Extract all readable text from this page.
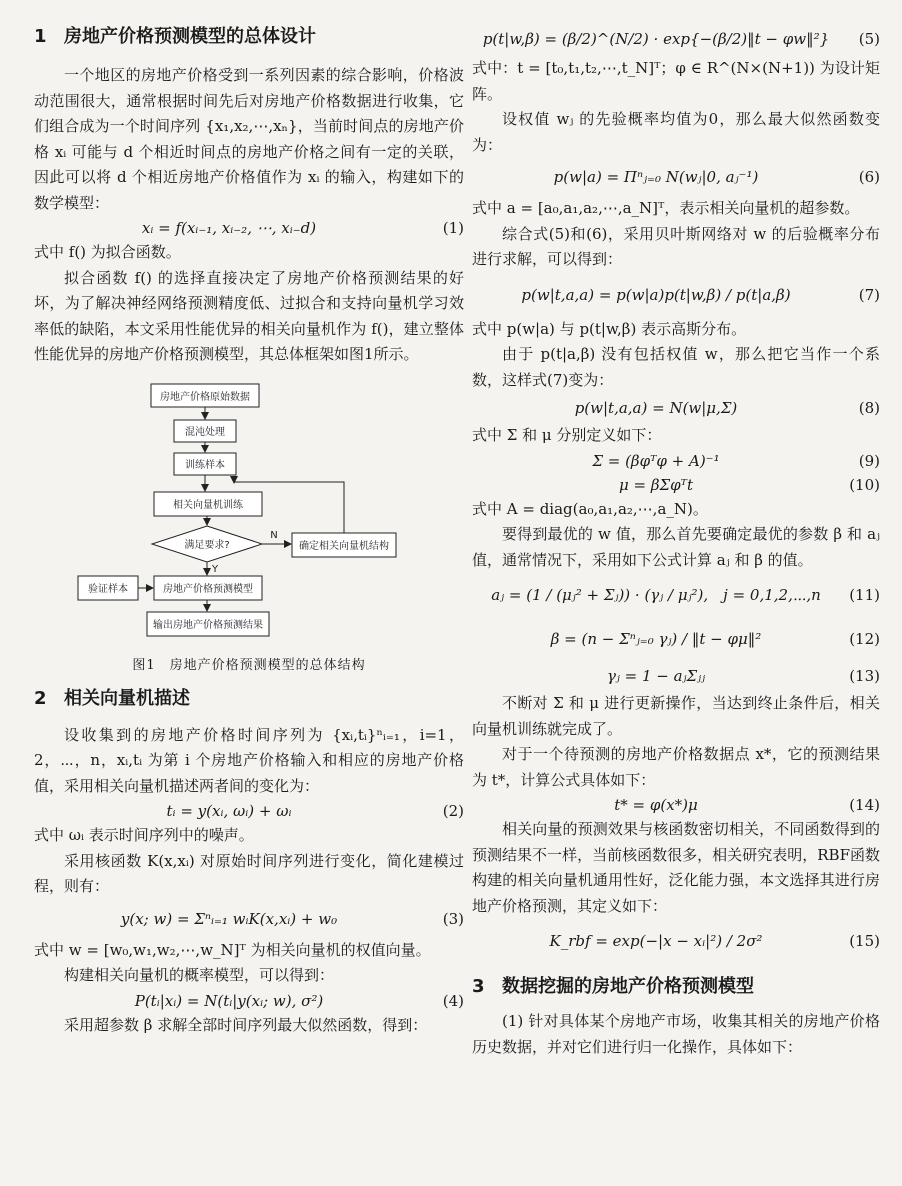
1 房地产价格预测模型的总体设计

一个地区的房地产价格受到一系列因素的综合影响，价格波动范围很大，通常根据时间先后对房地产价格数据进行收集，它们组合成为一个时间序列 {x₁,x₂,⋯,xₙ}，当前时间点的房地产价格 xᵢ 可能与 d 个相近时间点的房地产价格之间有一定的关联，因此可以将 d 个相近房地产价格值作为 xᵢ 的输入，构建如下的数学模型：

xᵢ = f(xᵢ₋₁, xᵢ₋₂, ⋯, xᵢ₋d)	(1)

式中 f() 为拟合函数。

拟合函数 f() 的选择直接决定了房地产价格预测结果的好坏，为了解决神经网络预测精度低、过拟合和支持向量机学习效率低的缺陷，本文采用性能优异的相关向量机作为 f()，建立整体性能优异的房地产价格预测模型，其总体框架如图1所示。

房地产价格原始数据
混沌处理
训练样本
相关向量机训练
满足要求?	确定相关向量机结构
验证样本	房地产价格预测模型
输出房地产价格预测结果
N
Y

图1　房地产价格预测模型的总体结构

2 相关向量机描述

设收集到的房地产价格时间序列为 {xᵢ,tᵢ}ⁿᵢ₌₁，i=1，2，⋯，n，xᵢ,tᵢ 为第 i 个房地产价格输入和相应的房地产价格值，采用相关向量机描述两者间的变化为：

tᵢ = y(xᵢ, ωᵢ) + ωᵢ	(2)

式中 ωᵢ 表示时间序列中的噪声。

采用核函数 K(x,xᵢ) 对原始时间序列进行变化，简化建模过程，则有：

y(x; w) = Σⁿᵢ₌₁ wᵢK(x,xᵢ) + w₀	(3)

式中 w = [w₀,w₁,w₂,⋯,w_N]ᵀ 为相关向量机的权值向量。

构建相关向量机的概率模型，可以得到：

P(tᵢ|xᵢ) = N(tᵢ|y(xᵢ; w), σ²)	(4)

采用超参数 β 求解全部时间序列最大似然函数，得到：

p(t|w,β) = (β/2)^(N/2) · exp{−(β/2)‖t − φw‖²}	(5)

式中：t = [t₀,t₁,t₂,⋯,t_N]ᵀ；φ ∈ R^(N×(N+1)) 为设计矩阵。

设权值 wⱼ 的先验概率均值为0，那么最大似然函数变为：

p(w|a) = Πⁿⱼ₌₀ N(wⱼ|0, aⱼ⁻¹)	(6)

式中 a = [a₀,a₁,a₂,⋯,a_N]ᵀ，表示相关向量机的超参数。

综合式(5)和(6)，采用贝叶斯网络对 w 的后验概率分布进行求解，可以得到：

p(w|t,a,a) = p(w|a)p(t|w,β) / p(t|a,β)	(7)

式中 p(w|a) 与 p(t|w,β) 表示高斯分布。

由于 p(t|a,β) 没有包括权值 w，那么把它当作一个系数，这样式(7)变为：

p(w|t,a,a) = N(w|μ,Σ)	(8)

式中 Σ 和 μ 分别定义如下：

Σ = (βφᵀφ + A)⁻¹	(9)

μ = βΣφᵀt	(10)

式中 A = diag(a₀,a₁,a₂,⋯,a_N)。

要得到最优的 w 值，那么首先要确定最优的参数 β 和 aⱼ 值，通常情况下，采用如下公式计算 aⱼ 和 β 的值。

aⱼ = (1 / (μⱼ² + Σⱼ)) · (γⱼ / μⱼ²),　j = 0,1,2,⋯,n	(11)

β = (n − Σⁿⱼ₌₀ γⱼ) / ‖t − φμ‖²	(12)

γⱼ = 1 − aⱼΣⱼⱼ	(13)

不断对 Σ 和 μ 进行更新操作，当达到终止条件后，相关向量机训练就完成了。

对于一个待预测的房地产价格数据点 x*，它的预测结果为 t*，计算公式具体如下：

t* = φ(x*)μ	(14)

相关向量的预测效果与核函数密切相关，不同函数得到的预测结果不一样，当前核函数很多，相关研究表明，RBF函数构建的相关向量机通用性好，泛化能力强，本文选择其进行房地产价格预测，其定义如下：

K_rbf = exp(−|x − xᵢ|²) / 2σ²	(15)

3 数据挖掘的房地产价格预测模型

(1) 针对具体某个房地产市场，收集其相关的房地产价格历史数据，并对它们进行归一化操作，具体如下：
